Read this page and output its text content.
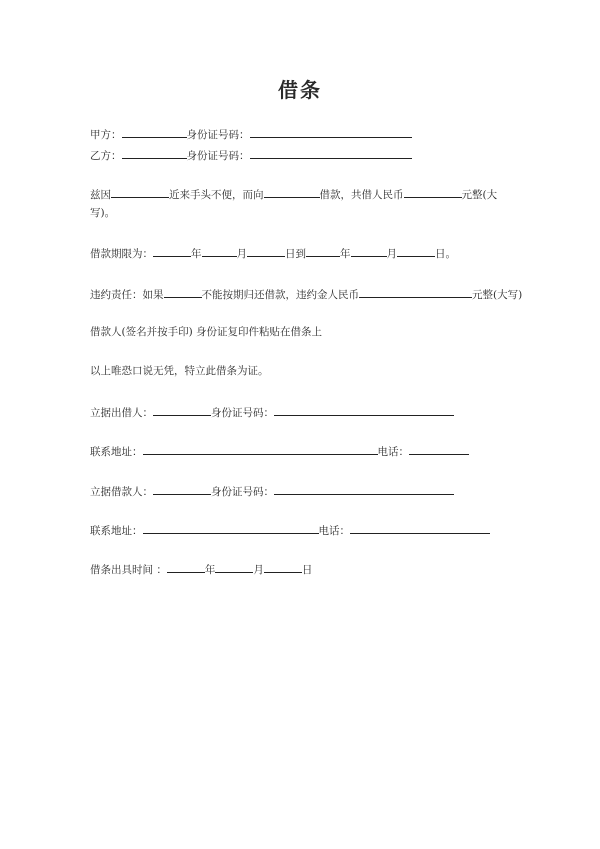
借条
甲方：	身份证号码：
乙方：	身份证号码：
兹因	近来手头不便，而向	借款，共借人民币	元整(大
写)。
借款期限为：	年	月	日到	年	月	日。
违约责任：如果	不能按期归还借款，违约金人民币	元整(大写)
借款人(签名并按手印) 身份证复印件粘贴在借条上
以上唯恐口说无凭，特立此借条为证。
立据出借人：	身份证号码：
联系地址：	电话：
立据借款人：	身份证号码：
联系地址：	电话：
借条出具时间 ：	年	月	日
